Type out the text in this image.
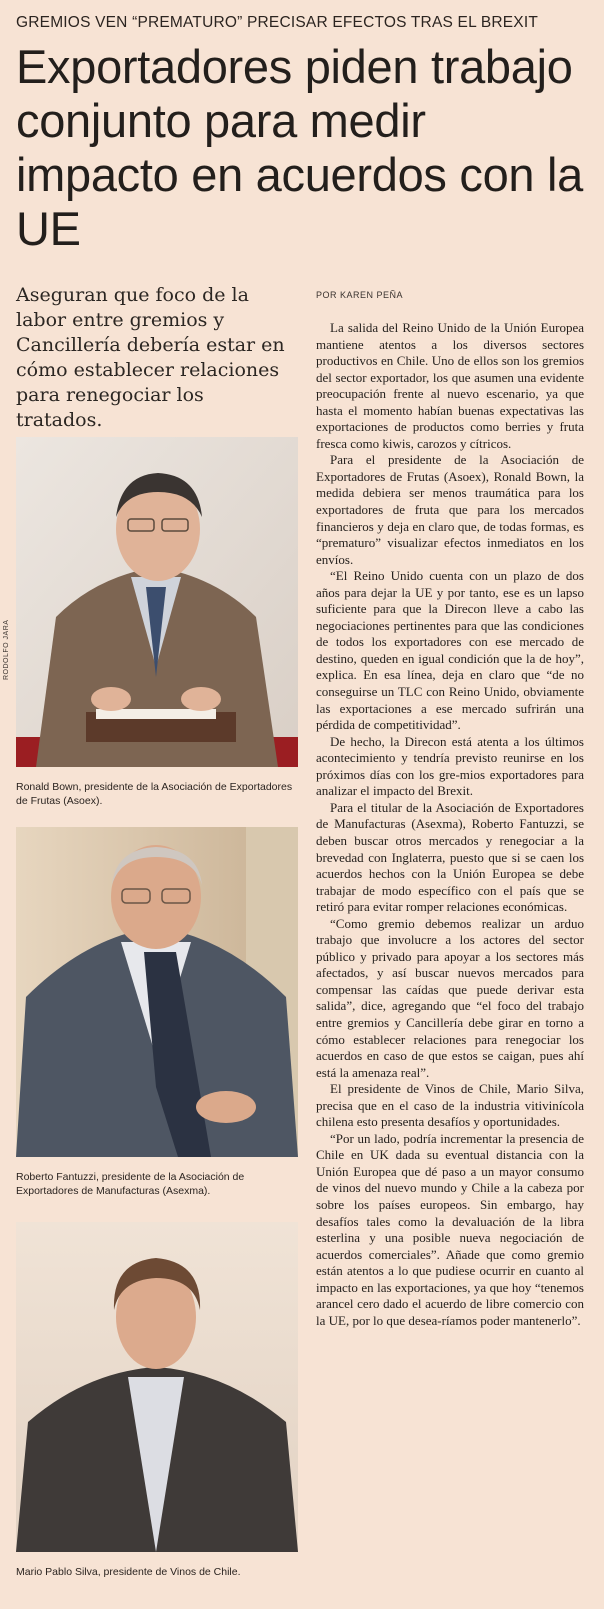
GREMIOS VEN “PREMATURO” PRECISAR EFECTOS TRAS EL BREXIT
Exportadores piden trabajo conjunto para medir impacto en acuerdos con la UE
Aseguran que foco de la labor entre gremios y Cancillería debería estar en cómo establecer relaciones para renegociar los tratados.
POR KAREN PEÑA
RODOLFO JARA
Ronald Bown, presidente de la Asociación de Exportadores de Frutas (Asoex).
Roberto Fantuzzi, presidente de la Asociación de Exportadores de Manufacturas (Asexma).
Mario Pablo Silva, presidente de Vinos de Chile.

La salida del Reino Unido de la Unión Europea mantiene atentos a los diversos sectores productivos en Chile. Uno de ellos son los gremios del sector exportador, los que asumen una evidente preocupación frente al nuevo escenario, ya que hasta el momento habían buenas expectativas las exportaciones de productos como berries y fruta fresca como kiwis, carozos y cítricos.

Para el presidente de la Asociación de Exportadores de Frutas (Asoex), Ronald Bown, la medida debiera ser menos traumática para los exportadores de fruta que para los mercados financieros y deja en claro que, de todas formas, es “prematuro” visualizar efectos inmediatos en los envíos.

“El Reino Unido cuenta con un plazo de dos años para dejar la UE y por tanto, ese es un lapso suficiente para que la Direcon lleve a cabo las negociaciones pertinentes para que las condiciones de todos los exportadores con ese mercado de destino, queden en igual condición que la de hoy”, explica. En esa línea, deja en claro que “de no conseguirse un TLC con Reino Unido, obviamente las exportaciones a ese mercado sufrirán una pérdida de competitividad”.

De hecho, la Direcon está atenta a los últimos acontecimiento y tendría previsto reunirse en los próximos días con los gre-mios exportadores para analizar el impacto del Brexit.

Para el titular de la Asociación de Exportadores de Manufacturas (Asexma), Roberto Fantuzzi, se deben buscar otros mercados y renegociar a la brevedad con Inglaterra, puesto que si se caen los acuerdos hechos con la Unión Europea se debe trabajar de modo específico con el país que se retiró para evitar romper relaciones económicas.

“Como gremio debemos realizar un arduo trabajo que involucre a los actores del sector público y privado para apoyar a los sectores más afectados, y así buscar nuevos mercados para compensar las caídas que puede derivar esta salida”, dice, agregando que “el foco del trabajo entre gremios y Cancillería debe girar en torno a cómo establecer relaciones para renegociar los acuerdos en caso de que estos se caigan, pues ahí está la amenaza real”.

El presidente de Vinos de Chile, Mario Silva, precisa que en el caso de la industria vitivinícola chilena esto presenta desafíos y oportunidades.

“Por un lado, podría incrementar la presencia de Chile en UK dada su eventual distancia con la Unión Europea que dé paso a un mayor consumo de vinos del nuevo mundo y Chile a la cabeza por sobre los países europeos. Sin embargo, hay desafíos tales como la devaluación de la libra esterlina y una posible nueva negociación de acuerdos comerciales”. Añade que como gremio están atentos a lo que pudiese ocurrir en cuanto al impacto en las exportaciones, ya que hoy “tenemos arancel cero dado el acuerdo de libre comercio con la UE, por lo que desea-ríamos poder mantenerlo”.
